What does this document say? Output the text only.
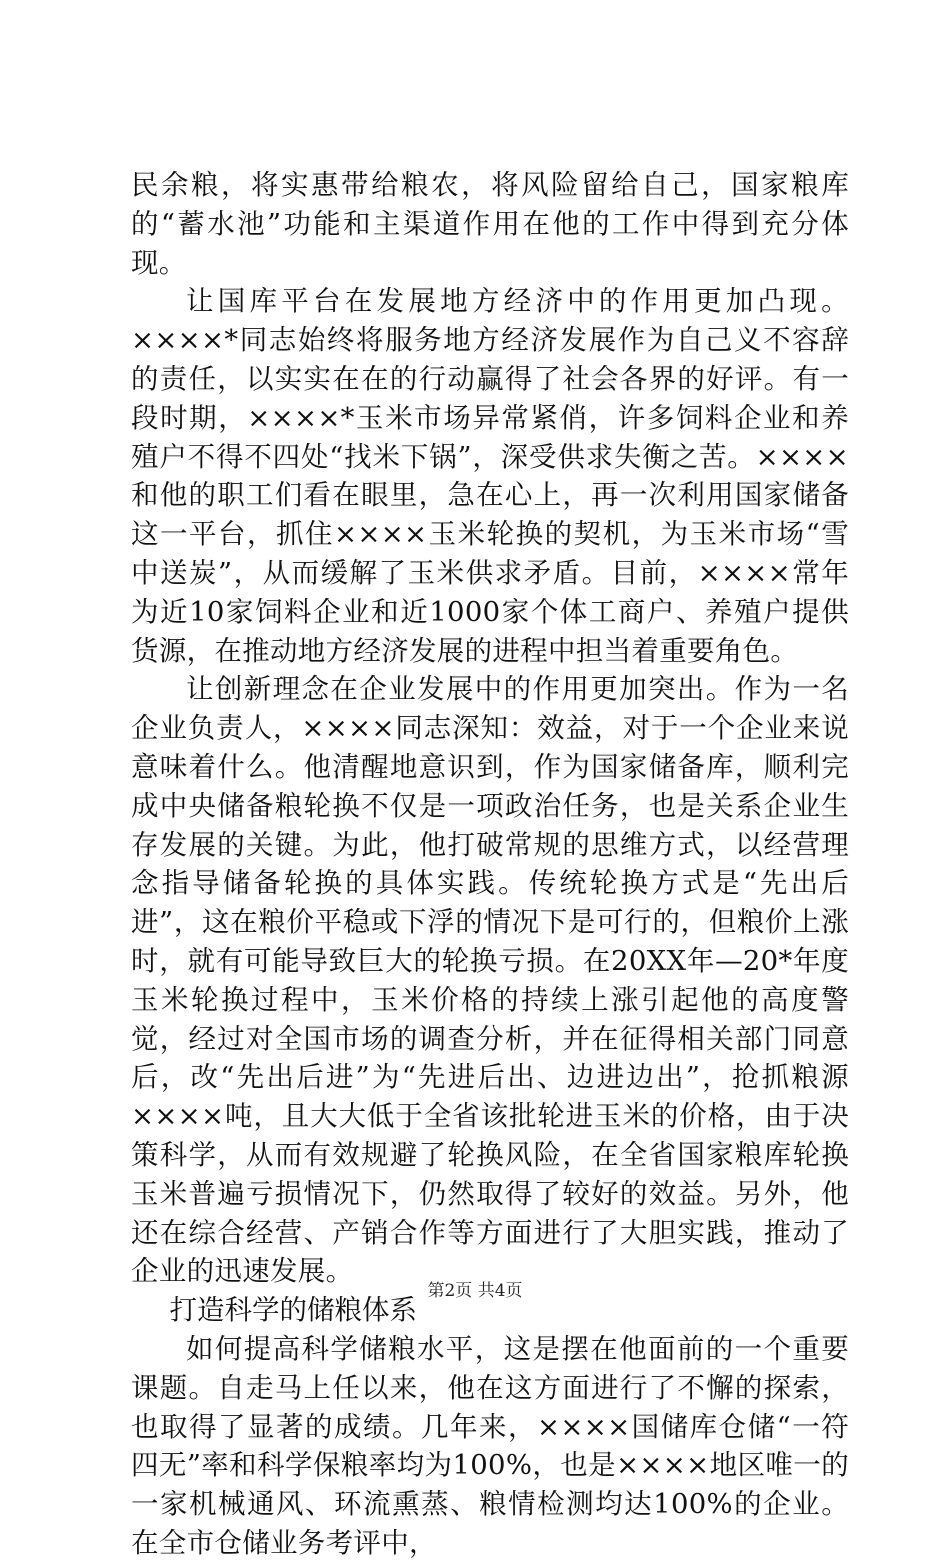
民余粮，将实惠带给粮农，将风险留给自己，国家粮库的“蓄水池”功能和主渠道作用在他的工作中得到充分体现。

让国库平台在发展地方经济中的作用更加凸现。××××*同志始终将服务地方经济发展作为自己义不容辞的责任，以实实在在的行动赢得了社会各界的好评。有一段时期，××××*玉米市场异常紧俏，许多饲料企业和养殖户不得不四处“找米下锅”，深受供求失衡之苦。××××和他的职工们看在眼里，急在心上，再一次利用国家储备这一平台，抓住××××玉米轮换的契机，为玉米市场“雪中送炭”，从而缓解了玉米供求矛盾。目前，××××常年为近10家饲料企业和近1000家个体工商户、养殖户提供货源，在推动地方经济发展的进程中担当着重要角色。

让创新理念在企业发展中的作用更加突出。作为一名企业负责人，××××同志深知：效益，对于一个企业来说意味着什么。他清醒地意识到，作为国家储备库，顺利完成中央储备粮轮换不仅是一项政治任务，也是关系企业生存发展的关键。为此，他打破常规的思维方式，以经营理念指导储备轮换的具体实践。传统轮换方式是“先出后进”，这在粮价平稳或下浮的情况下是可行的，但粮价上涨时，就有可能导致巨大的轮换亏损。在20XX年—20*年度玉米轮换过程中，玉米价格的持续上涨引起他的高度警觉，经过对全国市场的调查分析，并在征得相关部门同意后，改“先出后进”为“先进后出、边进边出”，抢抓粮源××××吨，且大大低于全省该批轮进玉米的价格，由于决策科学，从而有效规避了轮换风险，在全省国家粮库轮换玉米普遍亏损情况下，仍然取得了较好的效益。另外，他还在综合经营、产销合作等方面进行了大胆实践，推动了企业的迅速发展。

打造科学的储粮体系

如何提高科学储粮水平，这是摆在他面前的一个重要课题。自走马上任以来，他在这方面进行了不懈的探索，也取得了显著的成绩。几年来，××××国储库仓储“一符四无”率和科学保粮率均为100%，也是××××地区唯一的一家机械通风、环流熏蒸、粮情检测均达100%的企业。在全市仓储业务考评中，

第2页 共4页
